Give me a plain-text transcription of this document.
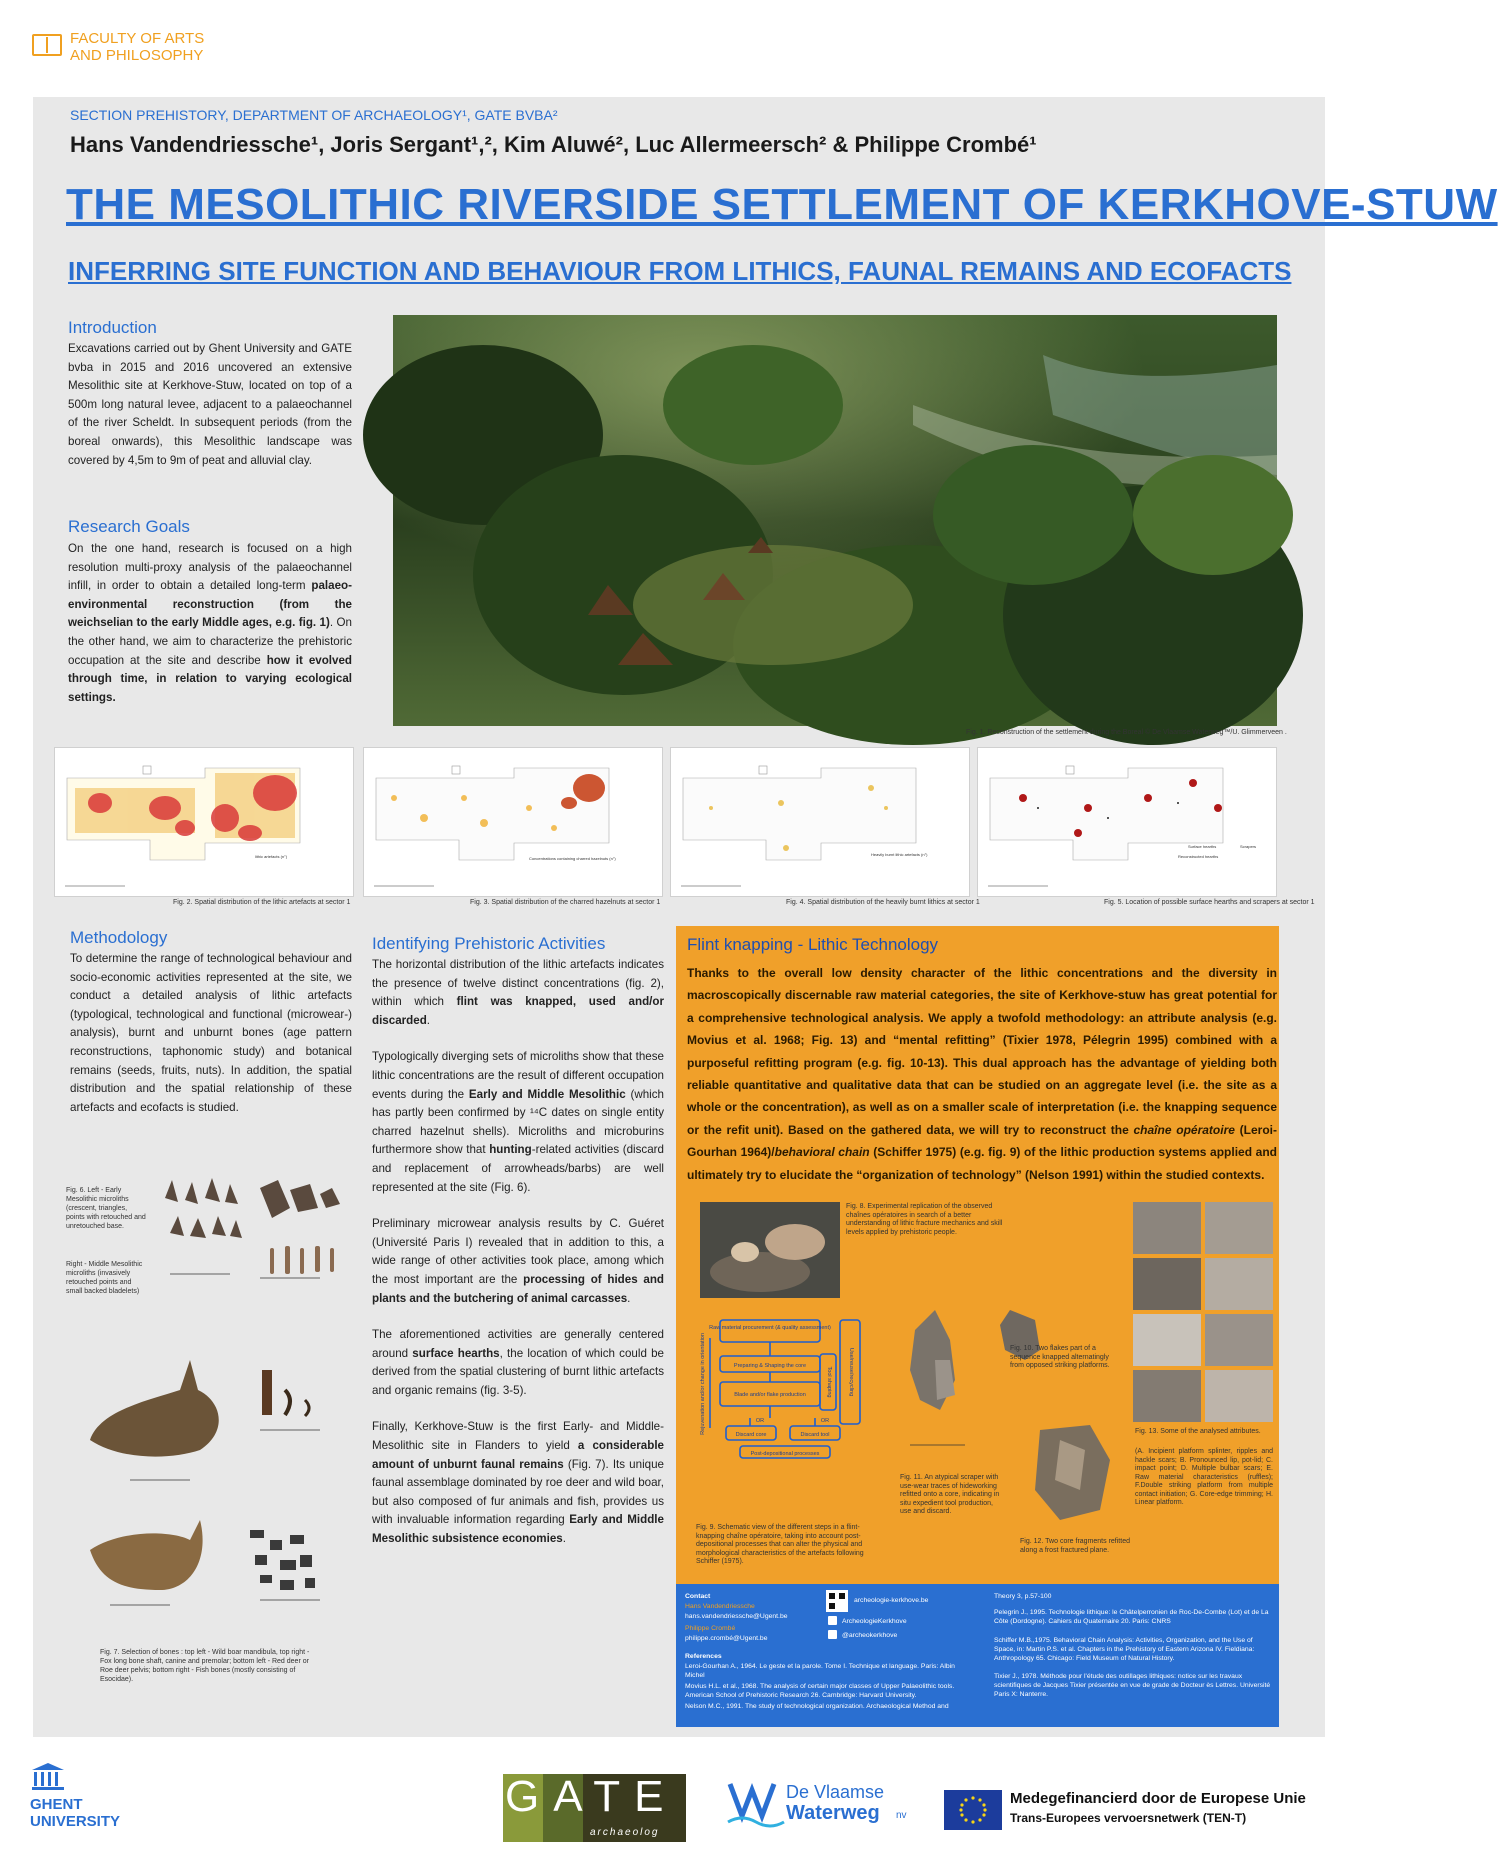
FACULTY OF ARTS
AND PHILOSOPHY
SECTION PREHISTORY, DEPARTMENT OF ARCHAEOLOGY¹, GATE BVBA²
Hans Vandendriessche¹, Joris Sergant¹,², Kim Aluwé², Luc Allermeersch² & Philippe Crombé¹
THE MESOLITHIC RIVERSIDE SETTLEMENT OF KERKHOVE-STUW
INFERRING SITE FUNCTION AND BEHAVIOUR FROM LITHICS, FAUNAL REMAINS AND ECOFACTS
Introduction
Excavations carried out by Ghent University and GATE bvba in 2015 and 2016 uncovered an extensive Mesolithic site at Kerkhove-Stuw, located on top of a 500m long natural levee, adjacent to a palaeochannel of the river Scheldt. In subsequent periods (from the boreal onwards), this Mesolithic landscape was covered by 4,5m to 9m of peat and alluvial clay.
Research Goals
On the one hand, research is focused on a high resolution multi-proxy analysis of the palaeochannel infill, in order to obtain a detailed long-term palaeo-environmental reconstruction (from the weichselian to the early Middle ages, e.g. fig. 1). On the other hand, we aim to characterize the prehistoric occupation at the site and describe how it evolved through time, in relation to varying ecological settings.
Fig. 1. Reconstruction of the settlement during the Boreal © De Vlaamse Waterweg™/U. Glimmerveen .
lithic artefacts (n°)	Concentrations containing charred hazelnuts (n°)
Heavily burnt lithic artefacts (n°)
Surface hearths	Scrapers
Reconstructed hearths
Fig. 2. Spatial distribution of the lithic artefacts at sector 1	Fig. 3. Spatial distribution of the charred hazelnuts at sector 1	Fig. 4. Spatial distribution of the heavily burnt lithics at sector 1	Fig. 5. Location of possible surface hearths and scrapers at sector 1
Methodology
To determine the range of technological behaviour and socio-economic activities represented at the site, we conduct a detailed analysis of lithic artefacts (typological, technological and functional (microwear-) analysis), burnt and unburnt bones (age pattern reconstructions, taphonomic study) and botanical remains (seeds, fruits, nuts). In addition, the spatial distribution and the spatial relationship of these artefacts and ecofacts is studied.
Fig. 6. Left - Early Mesolithic microliths (crescent, triangles, points with retouched and unretouched base.
Right - Middle Mesolithic microliths (invasively retouched points and small backed bladelets)
Fig. 7. Selection of bones : top left - Wild boar mandibula, top right - Fox long bone shaft, canine and premolar; bottom left - Red deer or Roe deer pelvis; bottom right - Fish bones (mostly consisting of Esocidae).
Identifying Prehistoric Activities

The horizontal distribution of the lithic artefacts indicates the presence of twelve distinct concentrations (fig. 2), within which flint was knapped, used and/or discarded.

Typologically diverging sets of microliths show that these lithic concentrations are the result of different occupation events during the Early and Middle Mesolithic (which has partly been confirmed by ¹⁴C dates on single entity charred hazelnut shells). Microliths and microburins furthermore show that hunting-related activities (discard and replacement of arrowheads/barbs) are well represented at the site (Fig. 6).

Preliminary microwear analysis results by C. Guéret (Université Paris I) revealed that in addition to this, a wide range of other activities took place, among which the most important are the processing of hides and plants and the butchering of animal carcasses.

The aforementioned activities are generally centered around surface hearths, the location of which could be derived from the spatial clustering of burnt lithic artefacts and organic remains (fig. 3-5).

Finally, Kerkhove-Stuw is the first Early- and Middle-Mesolithic site in Flanders to yield a considerable amount of unburnt faunal remains (Fig. 7). Its unique faunal assemblage dominated by roe deer and wild boar, but also composed of fur animals and fish, provides us with invaluable information regarding Early and Middle Mesolithic subsistence economies.

Flint knapping - Lithic Technology
Thanks to the overall low density character of the lithic concentrations and the diversity in macroscopically discernable raw material categories, the site of Kerkhove-stuw has great potential for a comprehensive technological analysis. We apply a twofold methodology: an attribute analysis (e.g. Movius et al. 1968; Fig. 13) and “mental refitting” (Tixier 1978, Pélegrin 1995) combined with a purposeful refitting program (e.g. fig. 10-13). This dual approach has the advantage of yielding both reliable quantitative and qualitative data that can be studied on an aggregate level (i.e. the site as a whole or the concentration), as well as on a smaller scale of interpretation (i.e. the knapping sequence or the refit unit). Based on the gathered data, we will try to reconstruct the chaîne opératoire (Leroi-Gourhan 1964)/behavioral chain (Schiffer 1975) (e.g. fig. 9) of the lithic production systems applied and ultimately try to elucidate the “organization of technology” (Nelson 1991) within the studied contexts.
Fig. 8. Experimental replication of the observed chaînes opératoires in search of a better understanding of lithic fracture mechanics and skill levels applied by prehistoric people.
Raw material procurement (& quality assessment)
Preparing & Shaping the core
Blade and/or flake production
OR	OR
Discard core	Discard tool
Post-depositional processes
Tool shaping	Use/reuse/recycling
Rejuvenation and/or change in orientation
Fig. 9. Schematic view of the different steps in a flint-knapping chaîne opératoire, taking into account post-depositional processes that can alter the physical and morphological characteristics of the artefacts following Schiffer (1975).
Fig. 10. Two flakes part of a sequence knapped alternatingly from opposed striking platforms.
Fig. 11. An atypical scraper with use-wear traces of hideworking refitted onto a core, indicating in situ expedient tool production, use and discard.
Fig. 12. Two core fragments refitted along a frost fractured plane.
Fig. 13. Some of the analysed attributes.
(A. Incipient platform splinter, ripples and hackle scars; B. Pronounced lip, pot-lid; C. impact point; D. Multiple bulbar scars; E. Raw material characteristics (ruffles); F.Double striking platform from multiple contact initiation; G. Core-edge trimming; H. Linear platform.
Contact
Hans Vandendriessche
hans.vandendriessche@Ugent.be
Philippe Crombé
philippe.crombé@Ugent.be
archeologie-kerkhove.be
ArcheologieKerkhove
@archeokerkhove
References
Leroi-Gourhan A., 1964. Le geste et la parole. Tome I. Technique et language. Paris: Albin Michel
Movius H.L. et al., 1968. The analysis of certain major classes of Upper Palaeolithic tools. American School of Prehistoric Research 26. Cambridge: Harvard University.
Nelson M.C., 1991. The study of technological organization. Archaeological Method and
Theory 3, p.57-100
Pelegrin J., 1995. Technologie lithique: le Châtelperronien de Roc-De-Combe (Lot) et de La Côte (Dordogne). Cahiers du Quaternaire 20. Paris: CNRS
Schiffer M.B.,1975. Behavioral Chain Analysis: Activities, Organization, and the Use of Space, in: Martin P.S. et al. Chapters in the Prehistory of Eastern Arizona IV. Fieldiana: Anthropology 65. Chicago: Field Museum of Natural History.
Tixier J., 1978. Méthode pour l'étude des outillages lithiques: notice sur les travaux scientifiques de Jacques Tixier présentée en vue de grade de Docteur ès Lettres. Université Paris X: Nanterre.
GHENT
UNIVERSITY
GATE
archaeolog
De Vlaamse
Waterweg nv
Medegefinancierd door de Europese Unie
Trans-Europees vervoersnetwerk (TEN-T)
